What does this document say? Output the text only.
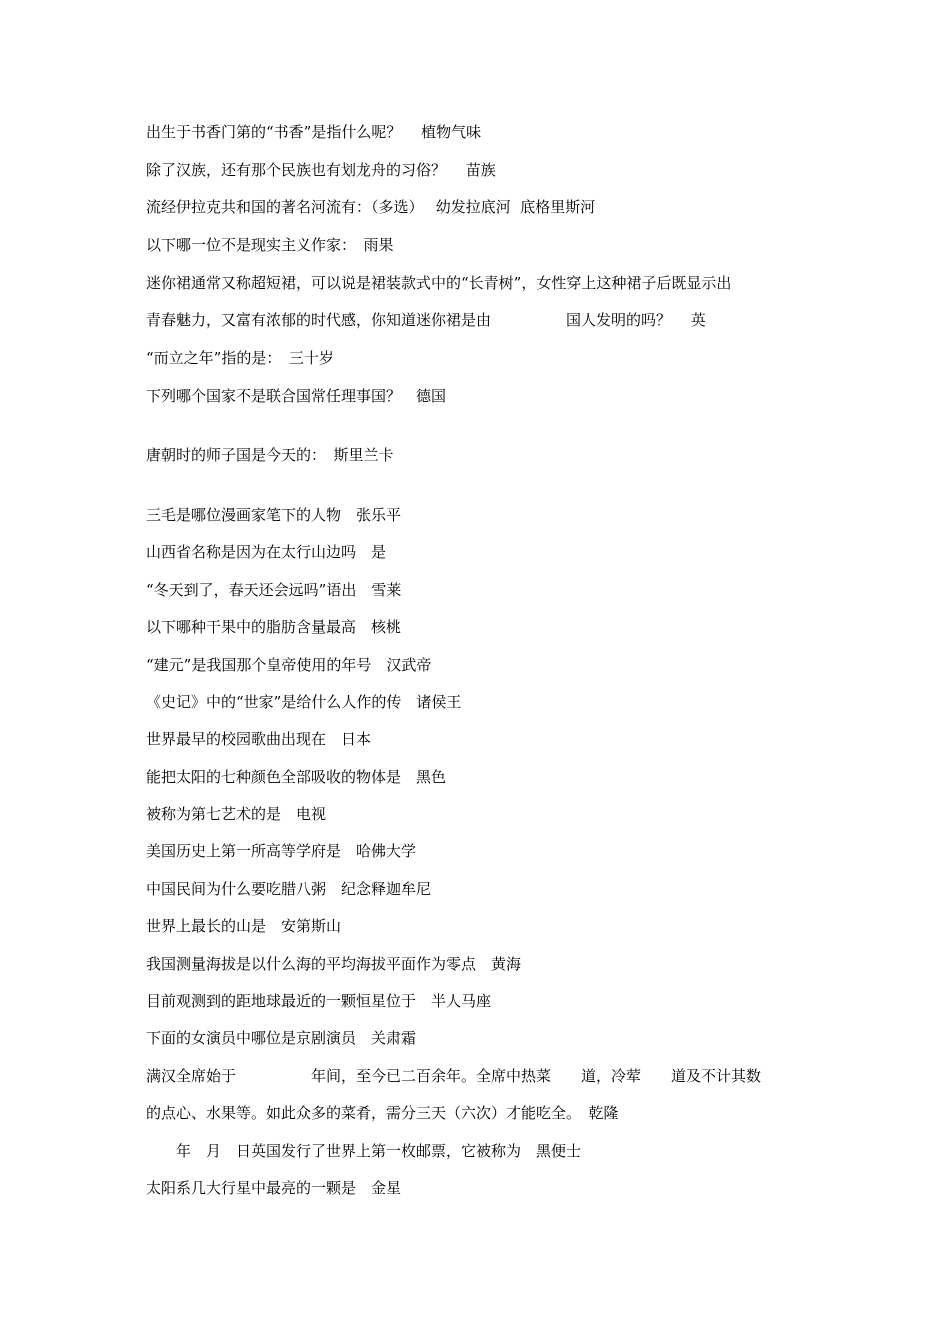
出生于书香门第的“书香”是指什么呢？　 植物气味

除了汉族，还有那个民族也有划龙舟的习俗？　 苗族

流经伊拉克共和国的著名河流有：（多选）　 幼发拉底河  底格里斯河

以下哪一位不是现实主义作家：　雨果

迷你裙通常又称超短裙，可以说是裙装款式中的“长青树”，女性穿上这种裙子后既显示出

青春魅力，又富有浓郁的时代感，你知道迷你裙是由　　　　　国人发明的吗？　 英

“而立之年”指的是：　三十岁

下列哪个国家不是联合国常任理事国？　德国

唐朝时的师子国是今天的：　斯里兰卡

三毛是哪位漫画家笔下的人物　张乐平

山西省名称是因为在太行山边吗　是

“冬天到了，春天还会远吗”语出　雪莱

以下哪种干果中的脂肪含量最高　核桃

“建元”是我国那个皇帝使用的年号　汉武帝

《史记》中的“世家”是给什么人作的传　诸侯王

世界最早的校园歌曲出现在　日本

能把太阳的七种颜色全部吸收的物体是　黑色

被称为第七艺术的是　电视

美国历史上第一所高等学府是　哈佛大学

中国民间为什么要吃腊八粥　纪念释迦牟尼

世界上最长的山是　安第斯山

我国测量海拔是以什么海的平均海拔平面作为零点　黄海

目前观测到的距地球最近的一颗恒星位于　半人马座

下面的女演员中哪位是京剧演员　关肃霜

满汉全席始于　　　　　年间，至今已二百余年。全席中热菜　　道，冷荤　　道及不计其数

的点心、水果等。如此众多的菜肴，需分三天（六次）才能吃全。　乾隆

　　年　月　日英国发行了世界上第一枚邮票，它被称为　黑便士

太阳系几大行星中最亮的一颗是　金星
